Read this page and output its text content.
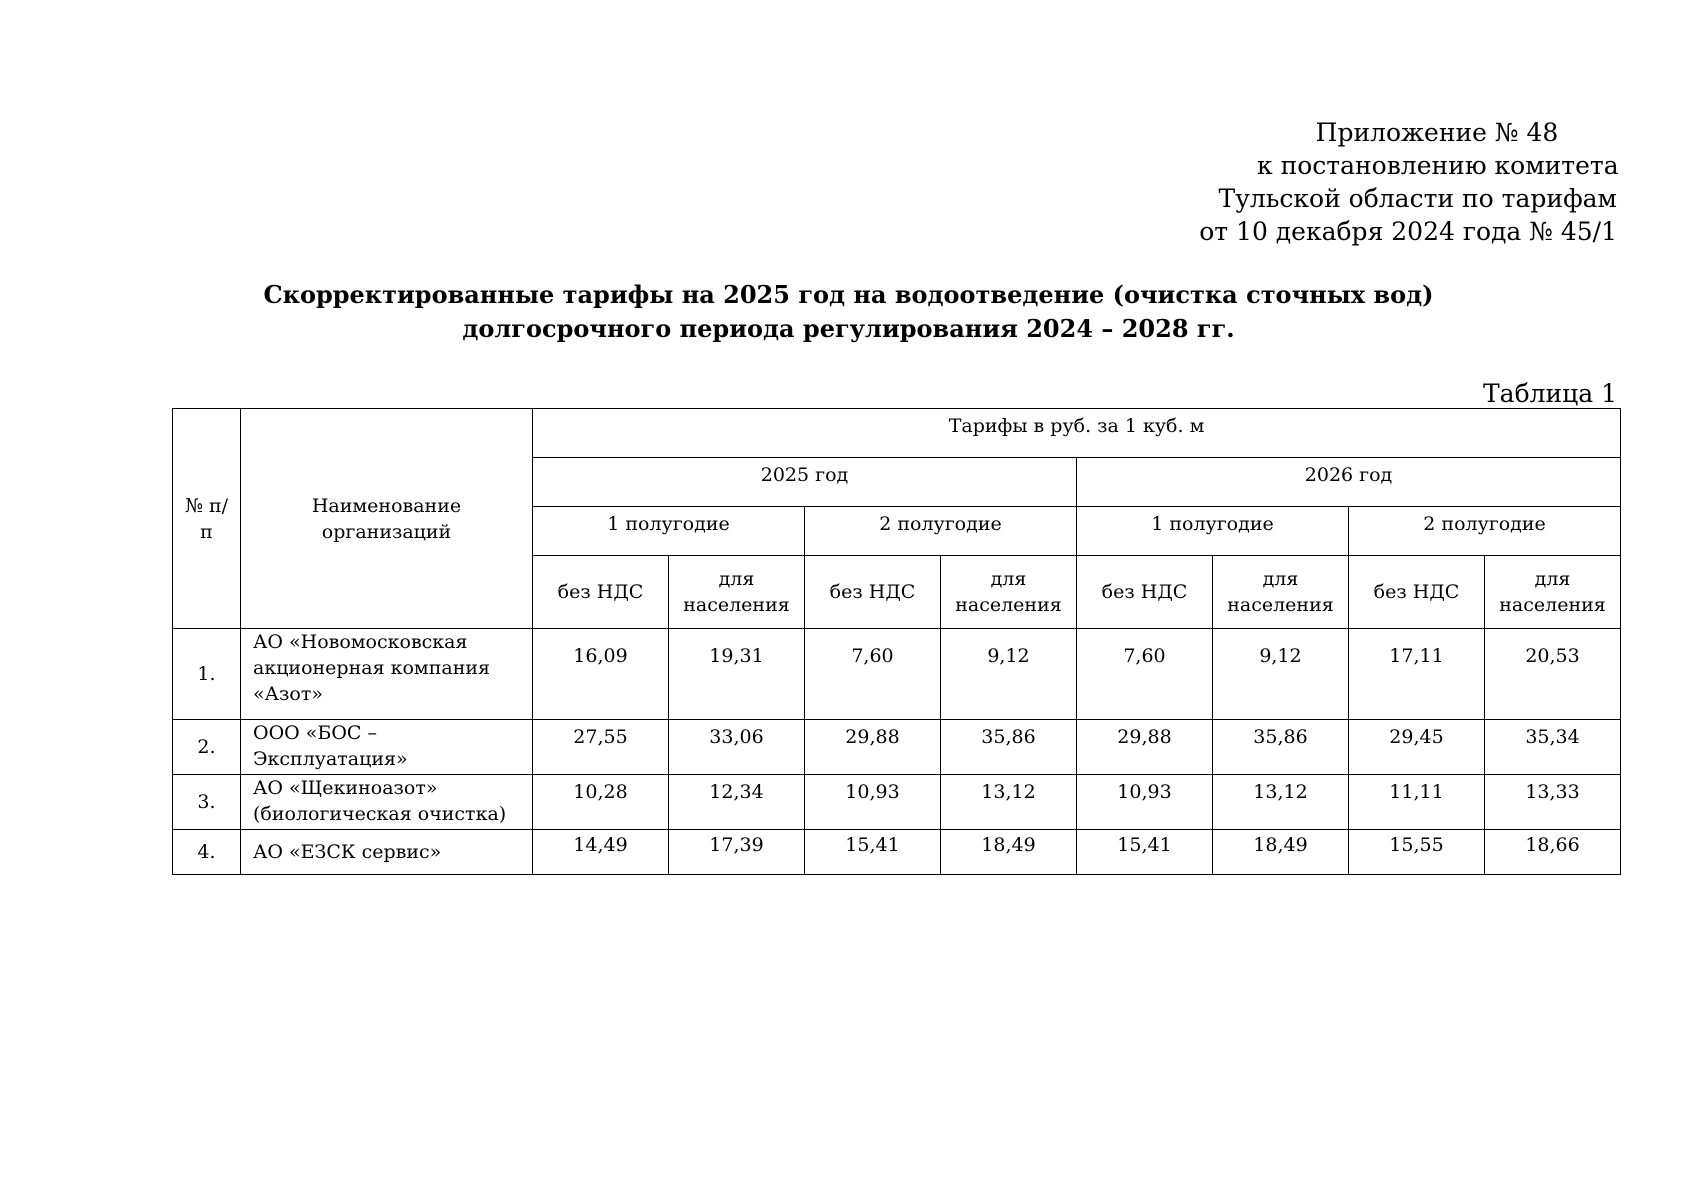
Приложение № 48
к постановлению комитета
Тульской области по тарифам
от 10 декабря 2024 года № 45/1
Скорректированные тарифы на 2025 год на водоотведение (очистка сточных вод)
долгосрочного периода регулирования 2024 – 2028 гг.
Таблица 1
№ п/п	Наименование организаций	Тарифы в руб. за 1 куб. м							
		2025 год				2026 год			
		1 полугодие		2 полугодие		1 полугодие		2 полугодие	
		без НДС	для населения	без НДС	для населения	без НДС	для населения	без НДС	для населения
1.	АО «Новомосковская акционерная компания «Азот»	16,09	19,31	7,60	9,12	7,60	9,12	17,11	20,53
2.	ООО «БОС – Эксплуатация»	27,55	33,06	29,88	35,86	29,88	35,86	29,45	35,34
3.	АО «Щекиноазот» (биологическая очистка)	10,28	12,34	10,93	13,12	10,93	13,12	11,11	13,33
4.	АО «ЕЗСК сервис»	14,49	17,39	15,41	18,49	15,41	18,49	15,55	18,66
